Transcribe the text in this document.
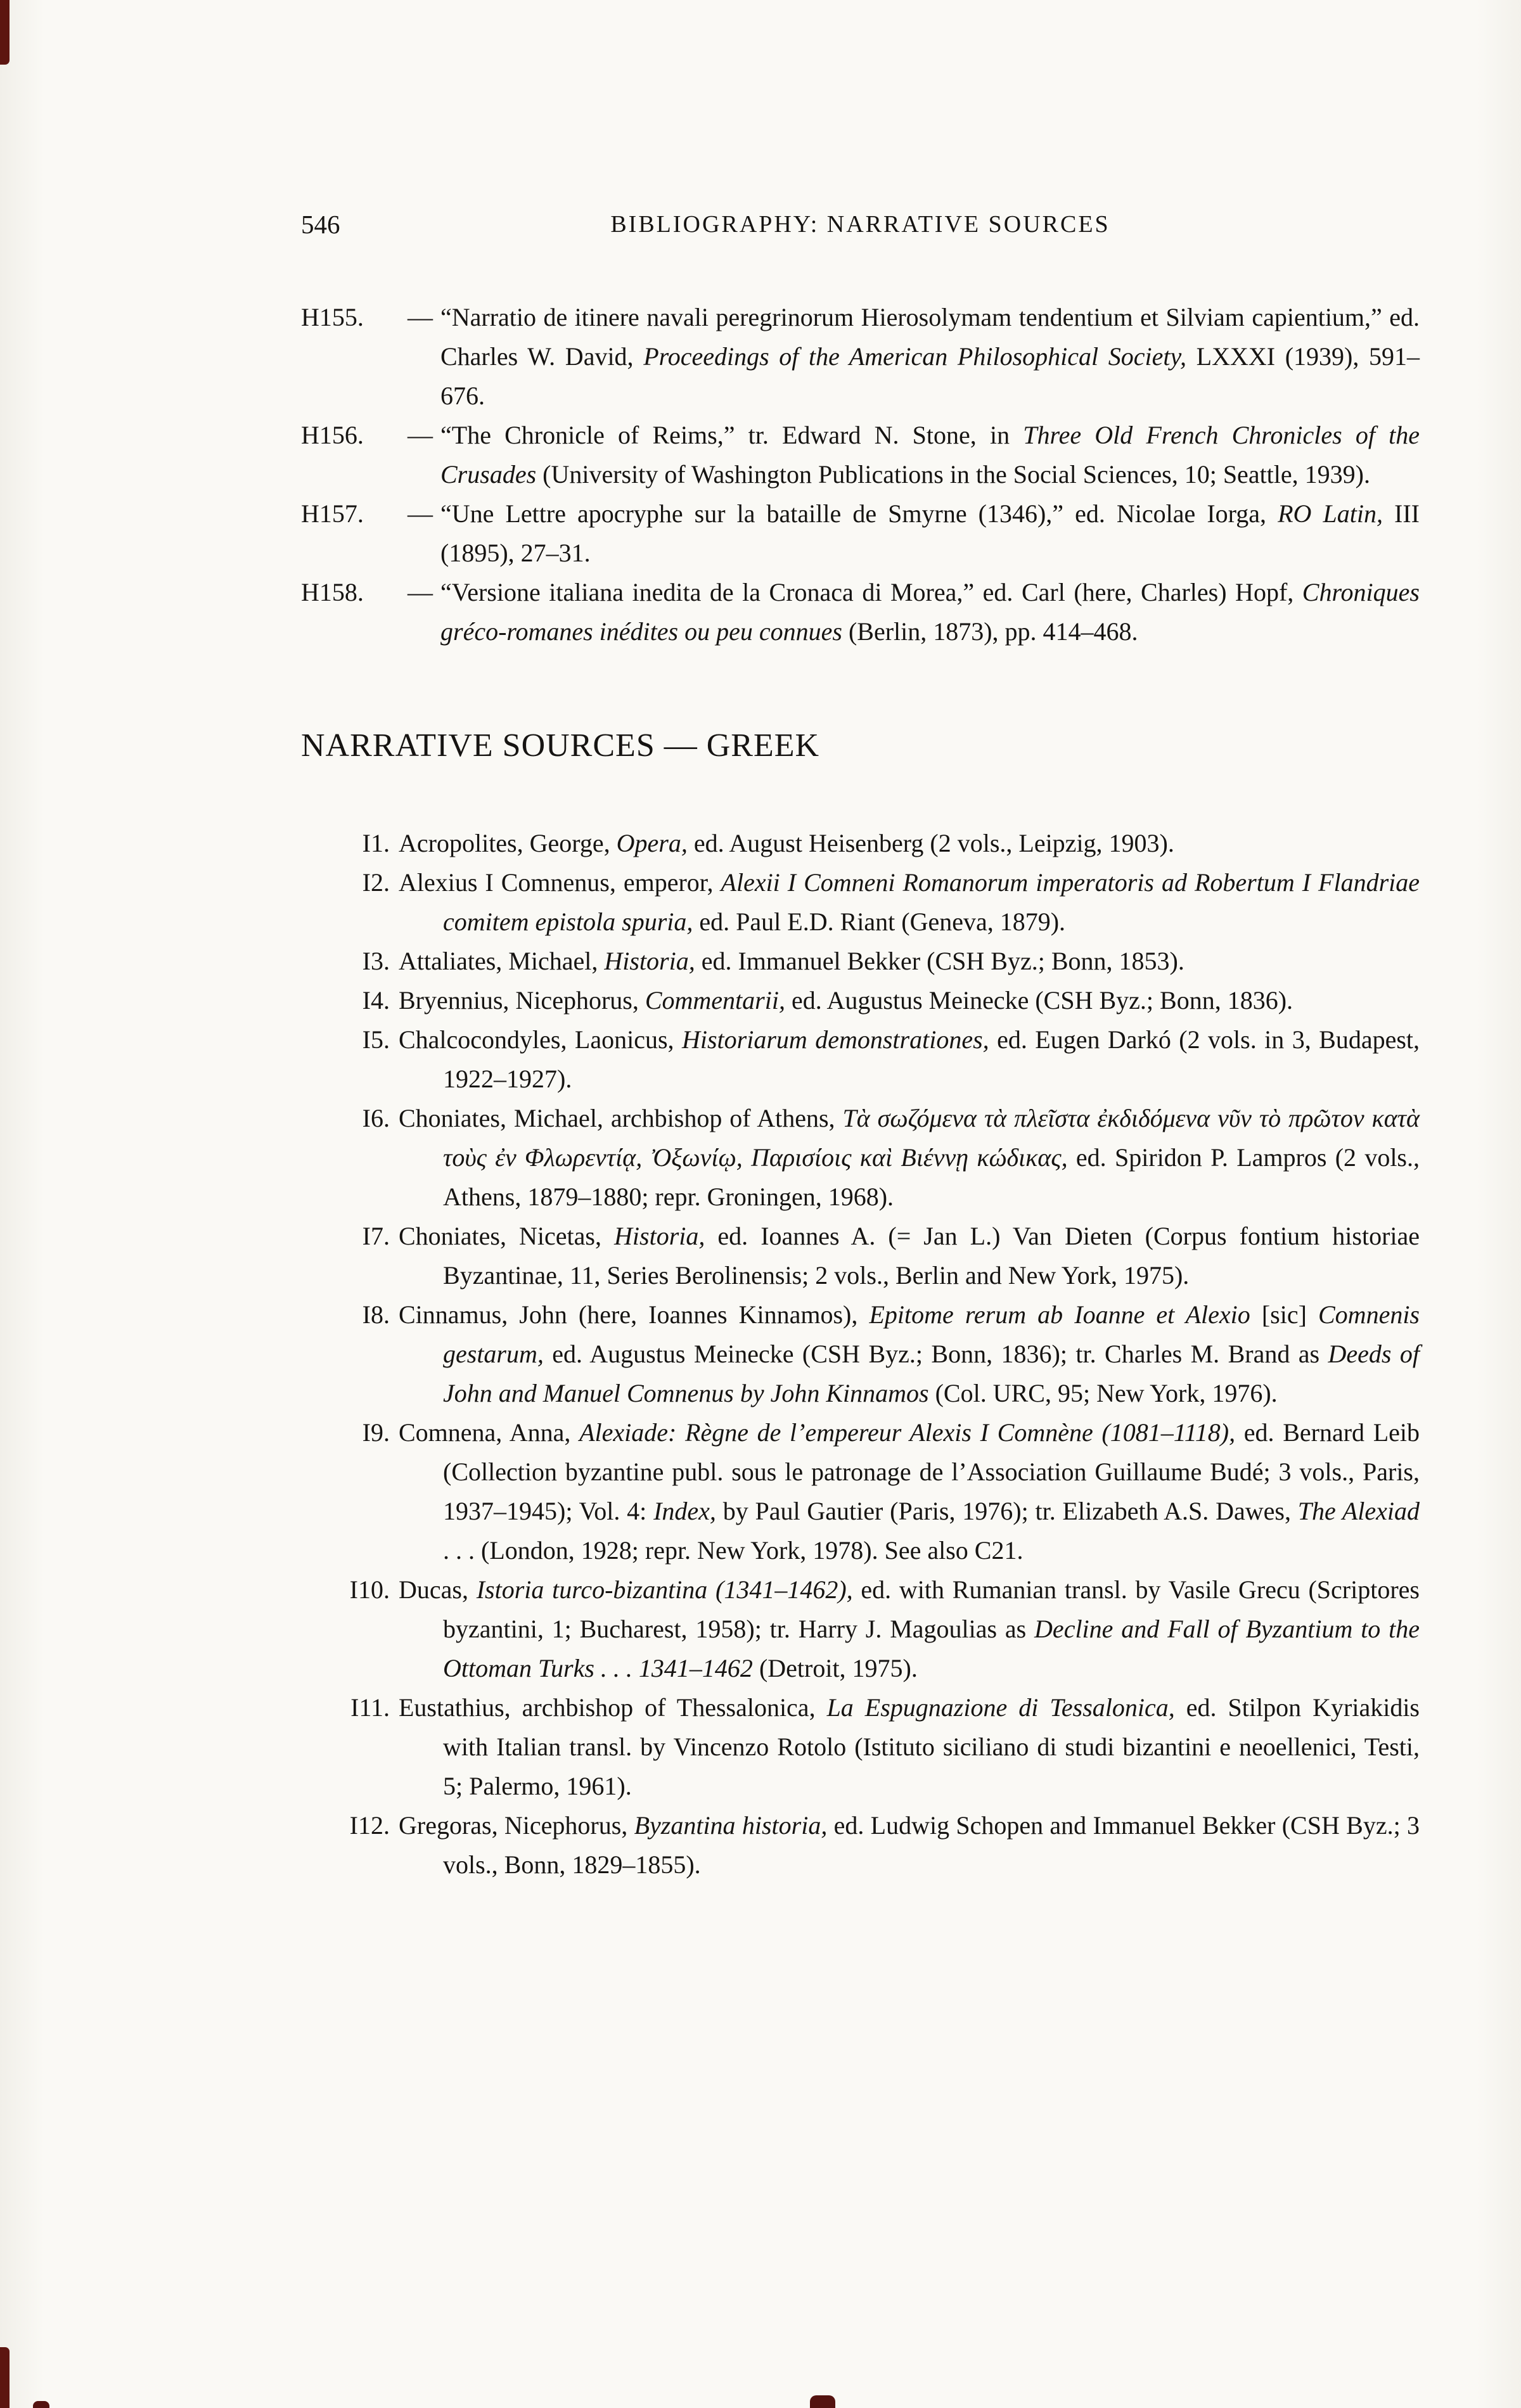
546	BIBLIOGRAPHY: NARRATIVE SOURCES
H155. — “Narratio de itinere navali peregrinorum Hierosolymam tendentium et Silviam capientium,” ed. Charles W. David, Proceedings of the American Philosophical Society, LXXXI (1939), 591–676.
H156. — “The Chronicle of Reims,” tr. Edward N. Stone, in Three Old French Chronicles of the Crusades (University of Washington Publications in the Social Sciences, 10; Seattle, 1939).
H157. — “Une Lettre apocryphe sur la bataille de Smyrne (1346),” ed. Nicolae Iorga, RO Latin, III (1895), 27–31.
H158. — “Versione italiana inedita de la Cronaca di Morea,” ed. Carl (here, Charles) Hopf, Chroniques gréco-romanes inédites ou peu connues (Berlin, 1873), pp. 414–468.
NARRATIVE SOURCES — GREEK
I1. Acropolites, George, Opera, ed. August Heisenberg (2 vols., Leipzig, 1903).
I2. Alexius I Comnenus, emperor, Alexii I Comneni Romanorum imperatoris ad Robertum I Flandriae comitem epistola spuria, ed. Paul E.D. Riant (Geneva, 1879).
I3. Attaliates, Michael, Historia, ed. Immanuel Bekker (CSH Byz.; Bonn, 1853).
I4. Bryennius, Nicephorus, Commentarii, ed. Augustus Meinecke (CSH Byz.; Bonn, 1836).
I5. Chalcocondyles, Laonicus, Historiarum demonstrationes, ed. Eugen Darkó (2 vols. in 3, Budapest, 1922–1927).
I6. Choniates, Michael, archbishop of Athens, Τὰ σωζόμενα τὰ πλεῖστα ἐκδιδόμενα νῦν τὸ πρῶτον κατὰ τοὺς ἐν Φλωρεντίᾳ, Ὀξωνίῳ, Παρισίοις καὶ Βιέννῃ κώδικας, ed. Spiridon P. Lampros (2 vols., Athens, 1879–1880; repr. Groningen, 1968).
I7. Choniates, Nicetas, Historia, ed. Ioannes A. (= Jan L.) Van Dieten (Corpus fontium historiae Byzantinae, 11, Series Berolinensis; 2 vols., Berlin and New York, 1975).
I8. Cinnamus, John (here, Ioannes Kinnamos), Epitome rerum ab Ioanne et Alexio [sic] Comnenis gestarum, ed. Augustus Meinecke (CSH Byz.; Bonn, 1836); tr. Charles M. Brand as Deeds of John and Manuel Comnenus by John Kinnamos (Col. URC, 95; New York, 1976).
I9. Comnena, Anna, Alexiade: Règne de l’empereur Alexis I Comnène (1081–1118), ed. Bernard Leib (Collection byzantine publ. sous le patronage de l’Association Guillaume Budé; 3 vols., Paris, 1937–1945); Vol. 4: Index, by Paul Gautier (Paris, 1976); tr. Elizabeth A.S. Dawes, The Alexiad . . . (London, 1928; repr. New York, 1978). See also C21.
I10. Ducas, Istoria turco-bizantina (1341–1462), ed. with Rumanian transl. by Vasile Grecu (Scriptores byzantini, 1; Bucharest, 1958); tr. Harry J. Magoulias as Decline and Fall of Byzantium to the Ottoman Turks . . . 1341–1462 (Detroit, 1975).
I11. Eustathius, archbishop of Thessalonica, La Espugnazione di Tessalonica, ed. Stilpon Kyriakidis with Italian transl. by Vincenzo Rotolo (Istituto siciliano di studi bizantini e neoellenici, Testi, 5; Palermo, 1961).
I12. Gregoras, Nicephorus, Byzantina historia, ed. Ludwig Schopen and Immanuel Bekker (CSH Byz.; 3 vols., Bonn, 1829–1855).
